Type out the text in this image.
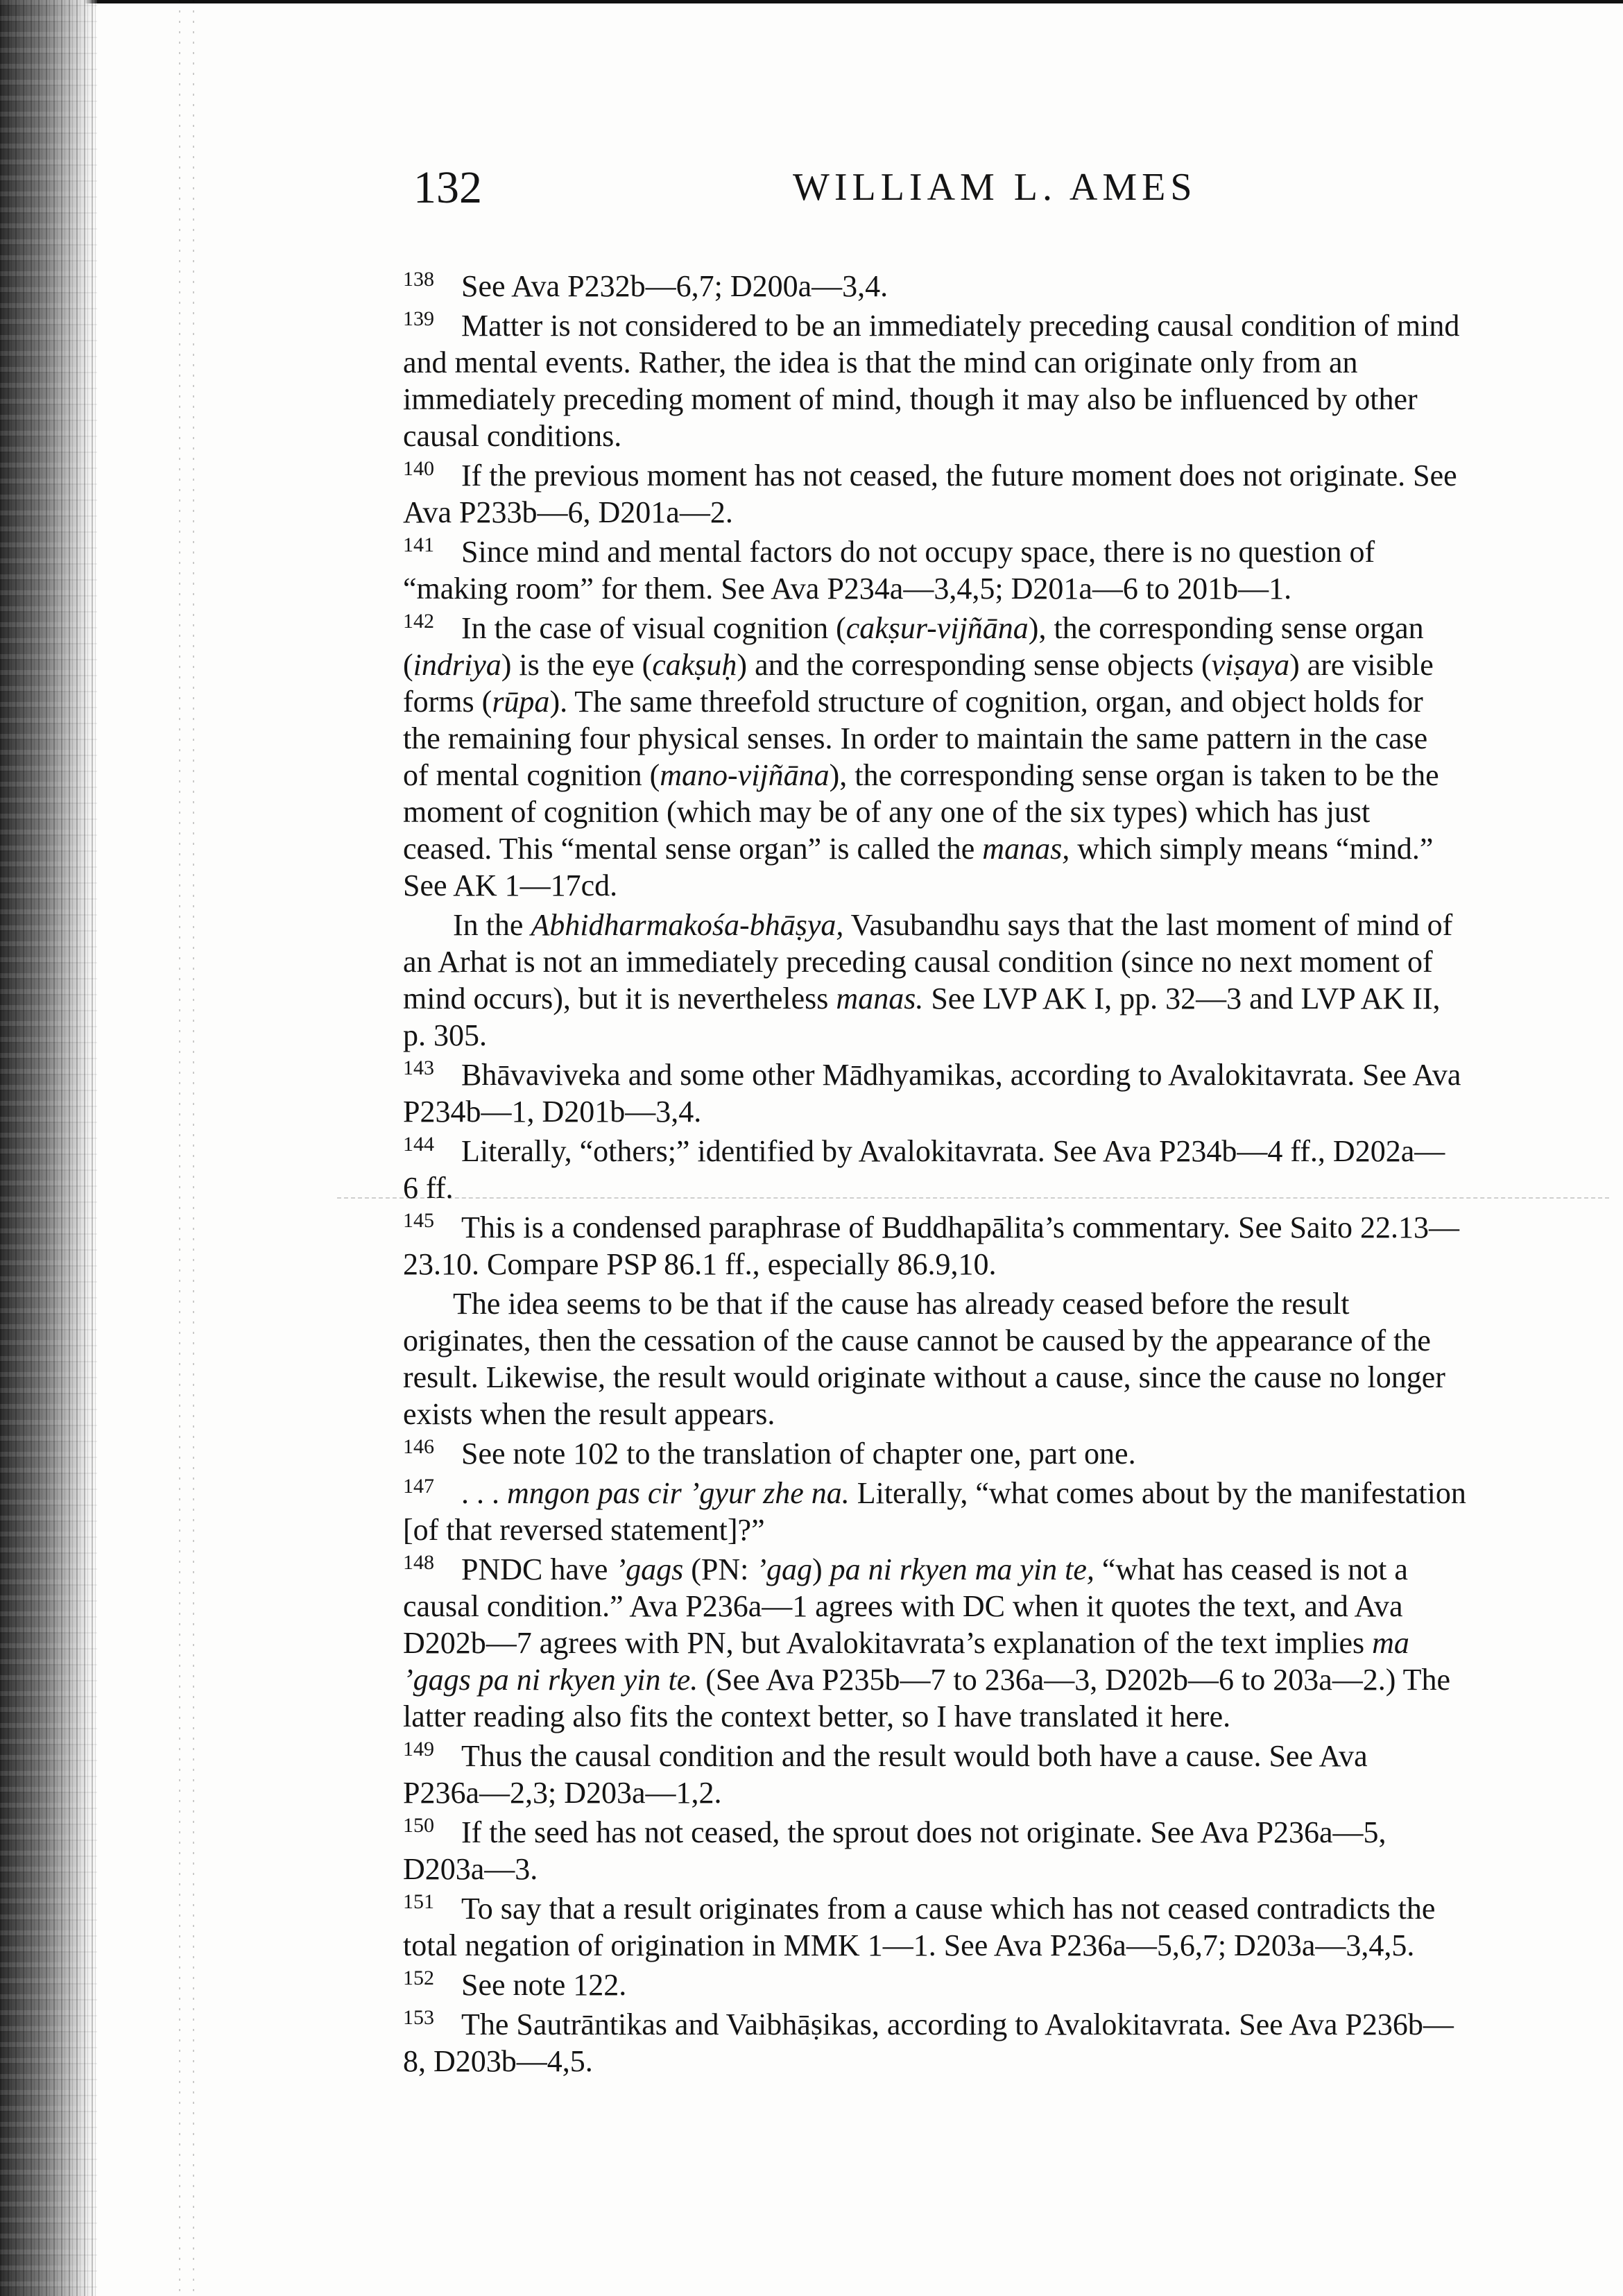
132	WILLIAM L. AMES
138 See Ava P232b—6,7; D200a—3,4.
139 Matter is not considered to be an immediately preceding causal condition of mind
and mental events. Rather, the idea is that the mind can originate only from an
immediately preceding moment of mind, though it may also be influenced by other
causal conditions.
140 If the previous moment has not ceased, the future moment does not originate. See
Ava P233b—6, D201a—2.
141 Since mind and mental factors do not occupy space, there is no question of
“making room” for them. See Ava P234a—3,4,5; D201a—6 to 201b—1.
142 In the case of visual cognition (cakṣur-vijñāna), the corresponding sense organ
(indriya) is the eye (cakṣuḥ) and the corresponding sense objects (viṣaya) are visible
forms (rūpa). The same threefold structure of cognition, organ, and object holds for
the remaining four physical senses. In order to maintain the same pattern in the case
of mental cognition (mano-vijñāna), the corresponding sense organ is taken to be the
moment of cognition (which may be of any one of the six types) which has just
ceased. This “mental sense organ” is called the manas, which simply means “mind.”
See AK 1—17cd.
In the Abhidharmakośa-bhāṣya, Vasubandhu says that the last moment of mind of
an Arhat is not an immediately preceding causal condition (since no next moment of
mind occurs), but it is nevertheless manas. See LVP AK I, pp. 32—3 and LVP AK II,
p. 305.
143 Bhāvaviveka and some other Mādhyamikas, according to Avalokitavrata. See Ava
P234b—1, D201b—3,4.
144 Literally, “others;” identified by Avalokitavrata. See Ava P234b—4 ff., D202a—
6 ff.
145 This is a condensed paraphrase of Buddhapālita’s commentary. See Saito 22.13—
23.10. Compare PSP 86.1 ff., especially 86.9,10.
The idea seems to be that if the cause has already ceased before the result
originates, then the cessation of the cause cannot be caused by the appearance of the
result. Likewise, the result would originate without a cause, since the cause no longer
exists when the result appears.
146 See note 102 to the translation of chapter one, part one.
147 . . . mngon pas cir ’gyur zhe na. Literally, “what comes about by the manifestation
[of that reversed statement]?”
148 PNDC have ’gags (PN: ’gag) pa ni rkyen ma yin te, “what has ceased is not a
causal condition.” Ava P236a—1 agrees with DC when it quotes the text, and Ava
D202b—7 agrees with PN, but Avalokitavrata’s explanation of the text implies ma
’gags pa ni rkyen yin te. (See Ava P235b—7 to 236a—3, D202b—6 to 203a—2.) The
latter reading also fits the context better, so I have translated it here.
149 Thus the causal condition and the result would both have a cause. See Ava
P236a—2,3; D203a—1,2.
150 If the seed has not ceased, the sprout does not originate. See Ava P236a—5,
D203a—3.
151 To say that a result originates from a cause which has not ceased contradicts the
total negation of origination in MMK 1—1. See Ava P236a—5,6,7; D203a—3,4,5.
152 See note 122.
153 The Sautrāntikas and Vaibhāṣikas, according to Avalokitavrata. See Ava P236b—
8, D203b—4,5.
